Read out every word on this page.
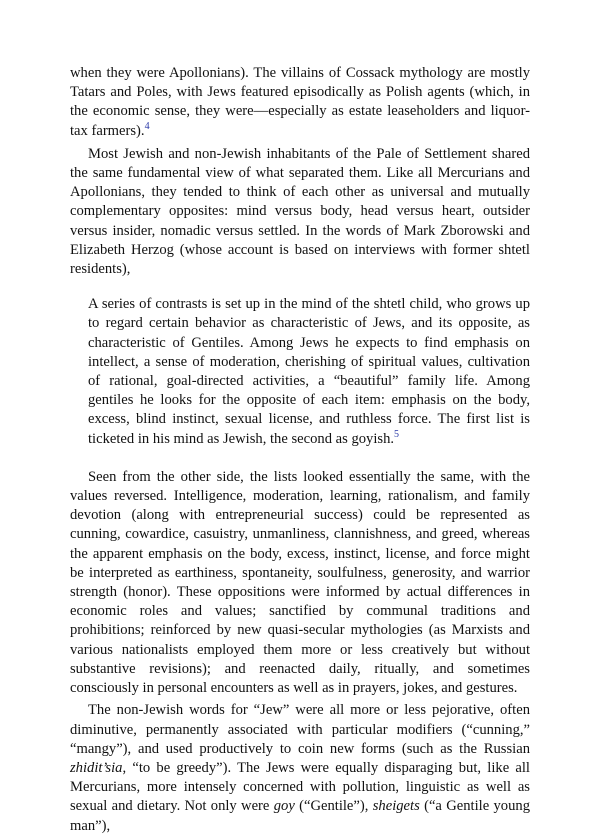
when they were Apollonians). The villains of Cossack mythology are mostly Tatars and Poles, with Jews featured episodically as Polish agents (which, in the economic sense, they were—especially as estate leaseholders and liquor-tax farmers).$^4$

Most Jewish and non-Jewish inhabitants of the Pale of Settlement shared the same fundamental view of what separated them. Like all Mercurians and Apollonians, they tended to think of each other as universal and mutually complementary opposites: mind versus body, head versus heart, outsider versus insider, nomadic versus settled. In the words of Mark Zborowski and Elizabeth Herzog (whose account is based on interviews with former shtetl residents),

A series of contrasts is set up in the mind of the shtetl child, who grows up to regard certain behavior as characteristic of Jews, and its opposite, as characteristic of Gentiles. Among Jews he expects to find emphasis on intellect, a sense of moderation, cherishing of spiritual values, cultivation of rational, goal-directed activities, a “beautiful” family life. Among gentiles he looks for the opposite of each item: emphasis on the body, excess, blind instinct, sexual license, and ruthless force. The first list is ticketed in his mind as Jewish, the second as goyish.$^5$

Seen from the other side, the lists looked essentially the same, with the values reversed. Intelligence, moderation, learning, rationalism, and family devotion (along with entrepreneurial success) could be represented as cunning, cowardice, casuistry, unmanliness, clannishness, and greed, whereas the apparent emphasis on the body, excess, instinct, license, and force might be interpreted as earthiness, spontaneity, soulfulness, generosity, and warrior strength (honor). These oppositions were informed by actual differences in economic roles and values; sanctified by communal traditions and prohibitions; reinforced by new quasi-secular mythologies (as Marxists and various nationalists employed them more or less creatively but without substantive revisions); and reenacted daily, ritually, and sometimes consciously in personal encounters as well as in prayers, jokes, and gestures.

The non-Jewish words for “Jew” were all more or less pejorative, often diminutive, permanently associated with particular modifiers (“cunning,” “mangy”), and used productively to coin new forms (such as the Russian zhidit’sia, “to be greedy”). The Jews were equally disparaging but, like all Mercurians, more intensely concerned with pollution, linguistic as well as sexual and dietary. Not only were goy (“Gentile”), sheigets (“a Gentile young man”),
